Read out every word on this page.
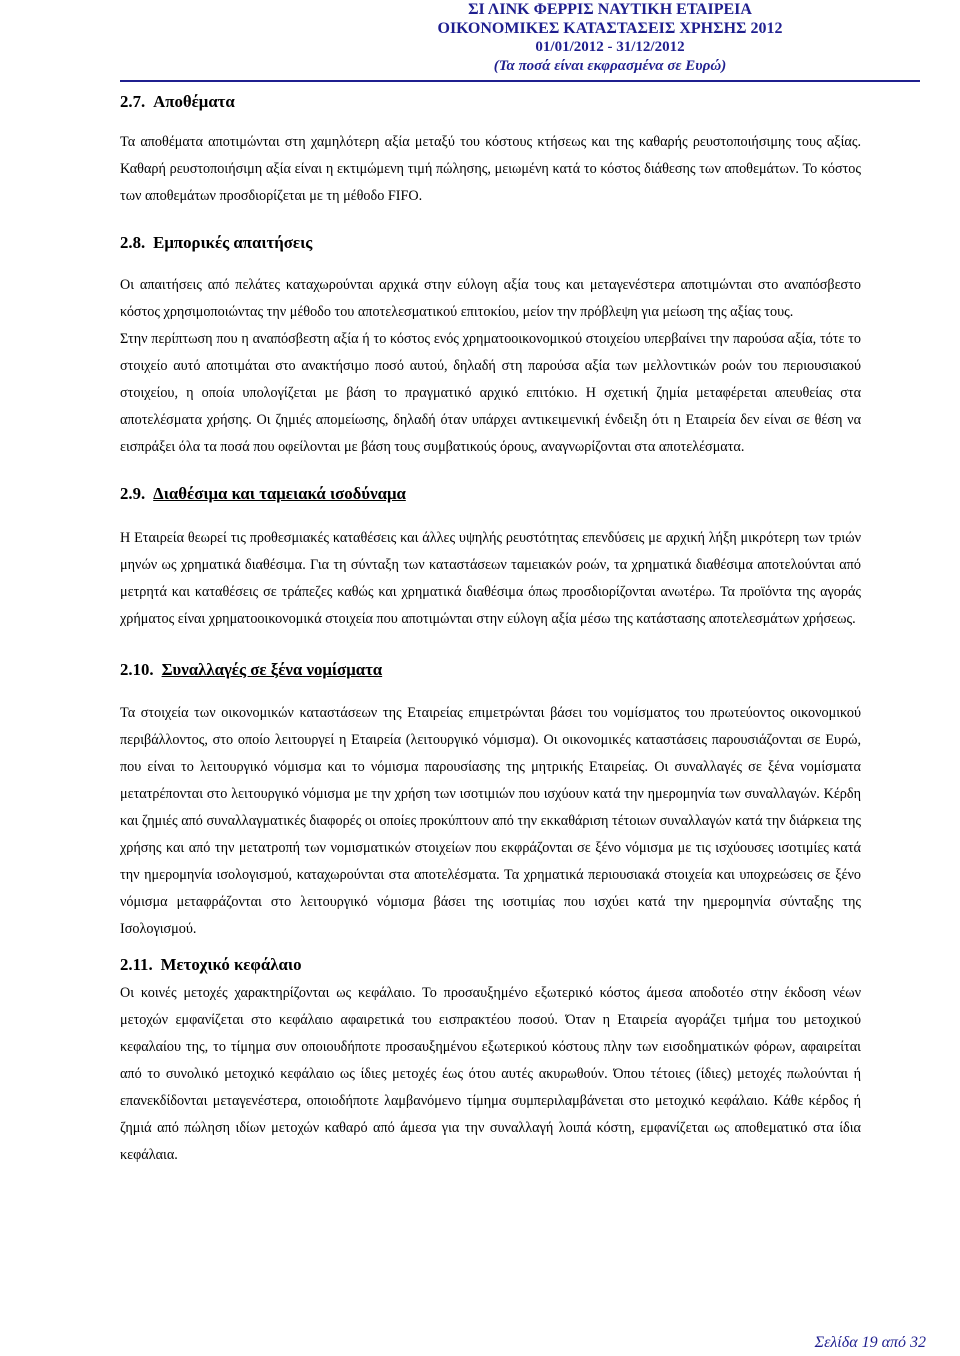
ΣΙ ΛΙΝΚ ΦΕΡΡΙΣ ΝΑΥΤΙΚΗ ΕΤΑΙΡΕΙΑ
ΟΙΚΟΝΟΜΙΚΕΣ ΚΑΤΑΣΤΑΣΕΙΣ ΧΡΗΣΗΣ 2012
01/01/2012 - 31/12/2012
(Τα ποσά είναι εκφρασμένα σε Ευρώ)
2.7. Αποθέματα

Τα αποθέματα αποτιμώνται στη χαμηλότερη αξία μεταξύ του κόστους κτήσεως και της καθαρής ρευστοποιήσιμης τους αξίας. Καθαρή ρευστοποιήσιμη αξία είναι η εκτιμώμενη τιμή πώλησης, μειωμένη κατά το κόστος διάθεσης των αποθεμάτων. Το κόστος των αποθεμάτων προσδιορίζεται με τη μέθοδο FIFO.

2.8. Εμπορικές απαιτήσεις

Οι απαιτήσεις από πελάτες καταχωρούνται αρχικά στην εύλογη αξία τους και μεταγενέστερα αποτιμώνται στο αναπόσβεστο κόστος χρησιμοποιώντας την μέθοδο του αποτελεσματικού επιτοκίου, μείον την πρόβλεψη για μείωση της αξίας τους.

Στην περίπτωση που η αναπόσβεστη αξία ή το κόστος ενός χρηματοοικονομικού στοιχείου υπερβαίνει την παρούσα αξία, τότε το στοιχείο αυτό αποτιμάται στο ανακτήσιμο ποσό αυτού, δηλαδή στη παρούσα αξία των μελλοντικών ροών του περιουσιακού στοιχείου, η οποία υπολογίζεται με βάση το πραγματικό αρχικό επιτόκιο. Η σχετική ζημία μεταφέρεται απευθείας στα αποτελέσματα χρήσης. Οι ζημιές απομείωσης, δηλαδή όταν υπάρχει αντικειμενική ένδειξη ότι η Εταιρεία δεν είναι σε θέση να εισπράξει όλα τα ποσά που οφείλονται με βάση τους συμβατικούς όρους, αναγνωρίζονται στα αποτελέσματα.

2.9. Διαθέσιμα και ταμειακά ισοδύναμα

Η Εταιρεία θεωρεί τις προθεσμιακές καταθέσεις και άλλες υψηλής ρευστότητας επενδύσεις με αρχική λήξη μικρότερη των τριών μηνών ως χρηματικά διαθέσιμα. Για τη σύνταξη των καταστάσεων ταμειακών ροών, τα χρηματικά διαθέσιμα αποτελούνται από μετρητά και καταθέσεις σε τράπεζες καθώς και χρηματικά διαθέσιμα όπως προσδιορίζονται ανωτέρω. Τα προϊόντα της αγοράς χρήματος είναι χρηματοοικονομικά στοιχεία που αποτιμώνται στην εύλογη αξία μέσω της κατάστασης αποτελεσμάτων χρήσεως.

2.10. Συναλλαγές σε ξένα νομίσματα

Τα στοιχεία των οικονομικών καταστάσεων της Εταιρείας επιμετρώνται βάσει του νομίσματος του πρωτεύοντος οικονομικού περιβάλλοντος, στο οποίο λειτουργεί η Εταιρεία (λειτουργικό νόμισμα). Οι οικονομικές καταστάσεις παρουσιάζονται σε Ευρώ, που είναι το λειτουργικό νόμισμα και το νόμισμα παρουσίασης της μητρικής Εταιρείας. Οι συναλλαγές σε ξένα νομίσματα μετατρέπονται στο λειτουργικό νόμισμα με την χρήση των ισοτιμιών που ισχύουν κατά την ημερομηνία των συναλλαγών. Κέρδη και ζημιές από συναλλαγματικές διαφορές οι οποίες προκύπτουν από την εκκαθάριση τέτοιων συναλλαγών κατά την διάρκεια της χρήσης και από την μετατροπή των νομισματικών στοιχείων που εκφράζονται σε ξένο νόμισμα με τις ισχύουσες ισοτιμίες κατά την ημερομηνία ισολογισμού, καταχωρούνται στα αποτελέσματα. Τα χρηματικά περιουσιακά στοιχεία και υποχρεώσεις σε ξένο νόμισμα μεταφράζονται στο λειτουργικό νόμισμα βάσει της ισοτιμίας που ισχύει κατά την ημερομηνία σύνταξης της Ισολογισμού.

2.11. Μετοχικό κεφάλαιο

Οι κοινές μετοχές χαρακτηρίζονται ως κεφάλαιο. Το προσαυξημένο εξωτερικό κόστος άμεσα αποδοτέο στην έκδοση νέων μετοχών εμφανίζεται στο κεφάλαιο αφαιρετικά του εισπρακτέου ποσού. Όταν η Εταιρεία αγοράζει τμήμα του μετοχικού κεφαλαίου της, το τίμημα συν οποιουδήποτε προσαυξημένου εξωτερικού κόστους πλην των εισοδηματικών φόρων, αφαιρείται από το συνολικό μετοχικό κεφάλαιο ως ίδιες μετοχές έως ότου αυτές ακυρωθούν. Όπου τέτοιες (ίδιες) μετοχές πωλούνται ή επανεκδίδονται μεταγενέστερα, οποιοδήποτε λαμβανόμενο τίμημα συμπεριλαμβάνεται στο μετοχικό κεφάλαιο. Κάθε κέρδος ή ζημιά από πώληση ιδίων μετοχών καθαρό από άμεσα για την συναλλαγή λοιπά κόστη, εμφανίζεται ως αποθεματικό στα ίδια κεφάλαια.

Σελίδα 19 από 32
